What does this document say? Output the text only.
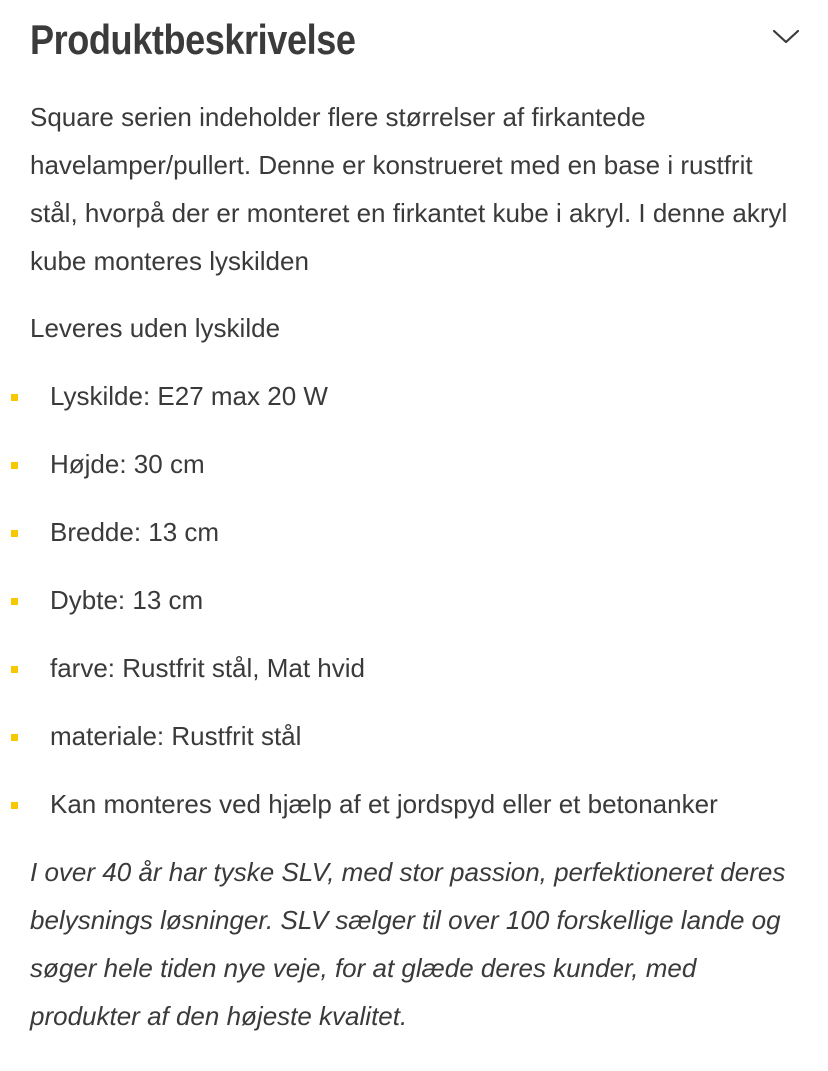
Produktbeskrivelse

Square serien indeholder flere størrelser af firkantede havelamper/pullert. Denne er konstrueret med en base i rustfrit stål, hvorpå der er monteret en firkantet kube i akryl. I denne akryl kube monteres lyskilden

Leveres uden lyskilde

Lyskilde: E27 max 20 W
Højde: 30 cm
Bredde: 13 cm
Dybte: 13 cm
farve: Rustfrit stål, Mat hvid
materiale: Rustfrit stål
Kan monteres ved hjælp af et jordspyd eller et betonanker

I over 40 år har tyske SLV, med stor passion, perfektioneret deres belysnings løsninger. SLV sælger til over 100 forskellige lande og søger hele tiden nye veje, for at glæde deres kunder, med produkter af den højeste kvalitet.
